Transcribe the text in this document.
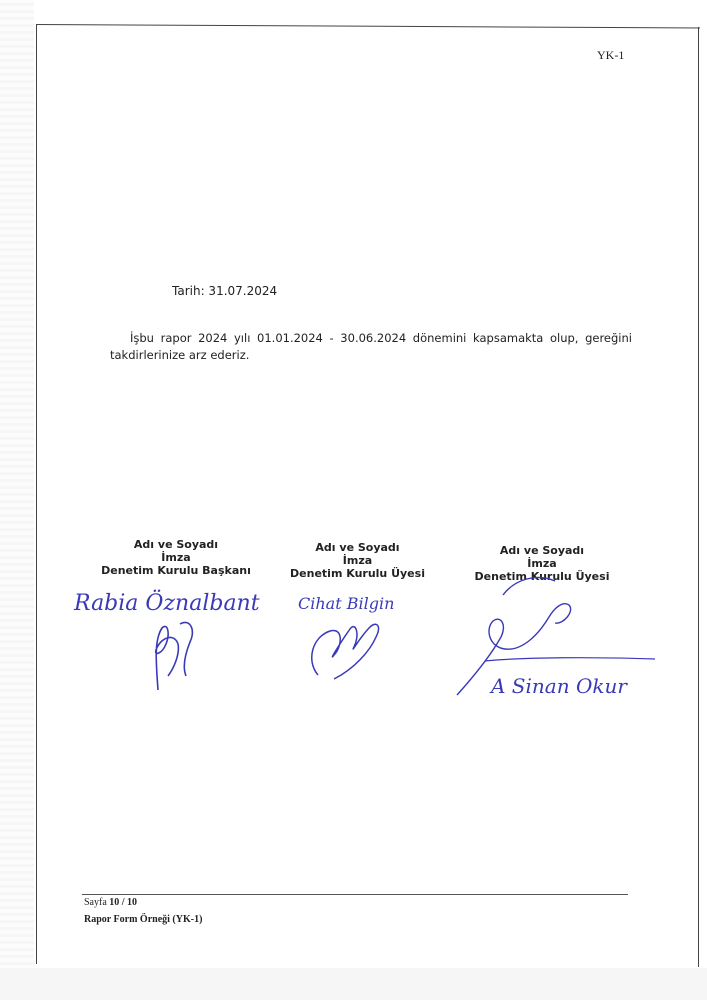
YK-1
Tarih: 31.07.2024
İşbu rapor 2024 yılı 01.01.2024 - 30.06.2024 dönemini kapsamakta olup, gereğini takdirlerinize arz ederiz.
Adı ve Soyadı
İmza
Denetim Kurulu Başkanı
Rabia Öznalbant
Adı ve Soyadı
İmza
Denetim Kurulu Üyesi
Cihat Bilgin
Adı ve Soyadı
İmza
Denetim Kurulu Üyesi
A Sinan Okur
Sayfa 10 / 10
Rapor Form Örneği (YK-1)
